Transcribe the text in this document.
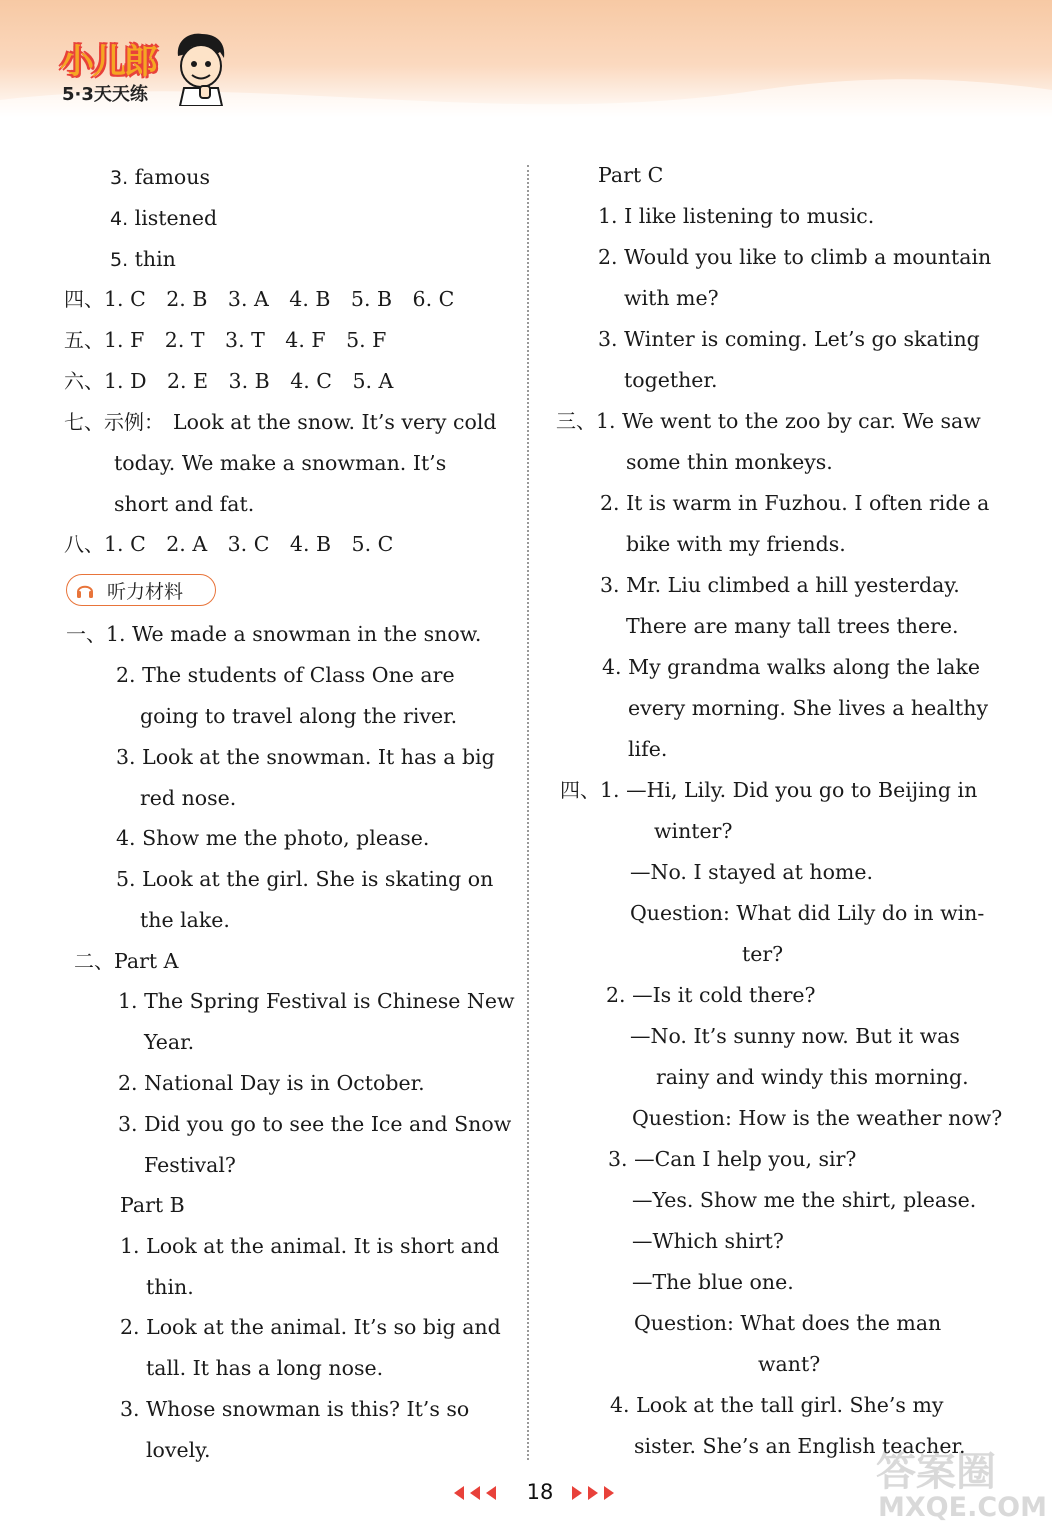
小儿郎
5·3天天练
3. famous
4. listened
5. thin
四、1. C　2. B　3. A　4. B　5. B　6. C
五、1. F　2. T　3. T　4. F　5. F
六、1. D　2. E　3. B　4. C　5. A
七、示例： Look at the snow. It’s very cold
today. We make a snowman. It’s
short and fat.
八、1. C　2. A　3. C　4. B　5. C
听力材料
一、1. We made a snowman in the snow.
2. The students of Class One are
going to travel along the river.
3. Look at the snowman. It has a big
red nose.
4. Show me the photo, please.
5. Look at the girl. She is skating on
the lake.
二、Part A
1. The Spring Festival is Chinese New
Year.
2. National Day is in October.
3. Did you go to see the Ice and Snow
Festival?
Part B
1. Look at the animal. It is short and
thin.
2. Look at the animal. It’s so big and
tall. It has a long nose.
3. Whose snowman is this? It’s so
lovely.
Part C
1. I like listening to music.
2. Would you like to climb a mountain
with me?
3. Winter is coming. Let’s go skating
together.
三、1. We went to the zoo by car. We saw
some thin monkeys.
2. It is warm in Fuzhou. I often ride a
bike with my friends.
3. Mr. Liu climbed a hill yesterday.
There are many tall trees there.
4. My grandma walks along the lake
every morning. She lives a healthy
life.
四、1. —Hi, Lily. Did you go to Beijing in
winter?
—No. I stayed at home.
Question: What did Lily do in win-
ter?
2. —Is it cold there?
—No. It’s sunny now. But it was
rainy and windy this morning.
Question: How is the weather now?
3. —Can I help you, sir?
—Yes. Show me the shirt, please.
—Which shirt?
—The blue one.
Question: What does the man
want?
4. Look at the tall girl. She’s my
sister. She’s an English teacher.
18	答案圈
MXQE.COM
